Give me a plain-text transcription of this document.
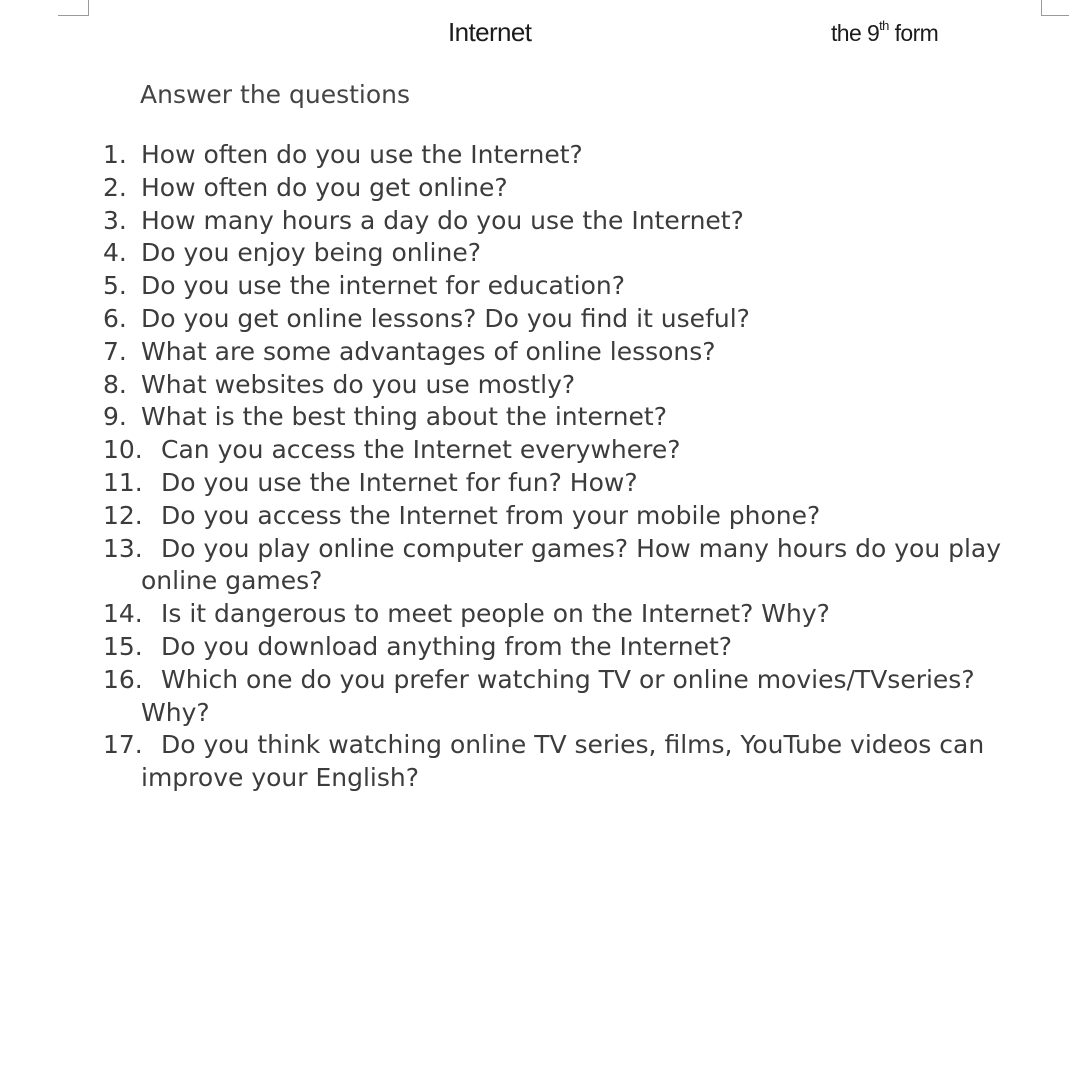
Internet	the 9th form
Answer the questions
1. How often do you use the Internet?
2. How often do you get online?
3. How many hours a day do you use the Internet?
4. Do you enjoy being online?
5. Do you use the internet for education?
6. Do you get online lessons? Do you find it useful?
7. What are some advantages of online lessons?
8. What websites do you use mostly?
9. What is the best thing about the internet?
10. Can you access the Internet everywhere?
11. Do you use the Internet for fun? How?
12. Do you access the Internet from your mobile phone?
13. Do you play online computer games? How many hours do you play online games?
14. Is it dangerous to meet people on the Internet? Why?
15. Do you download anything from the Internet?
16. Which one do you prefer watching TV or online movies/TVseries? Why?
17. Do you think watching online TV series, films, YouTube videos can improve your English?
